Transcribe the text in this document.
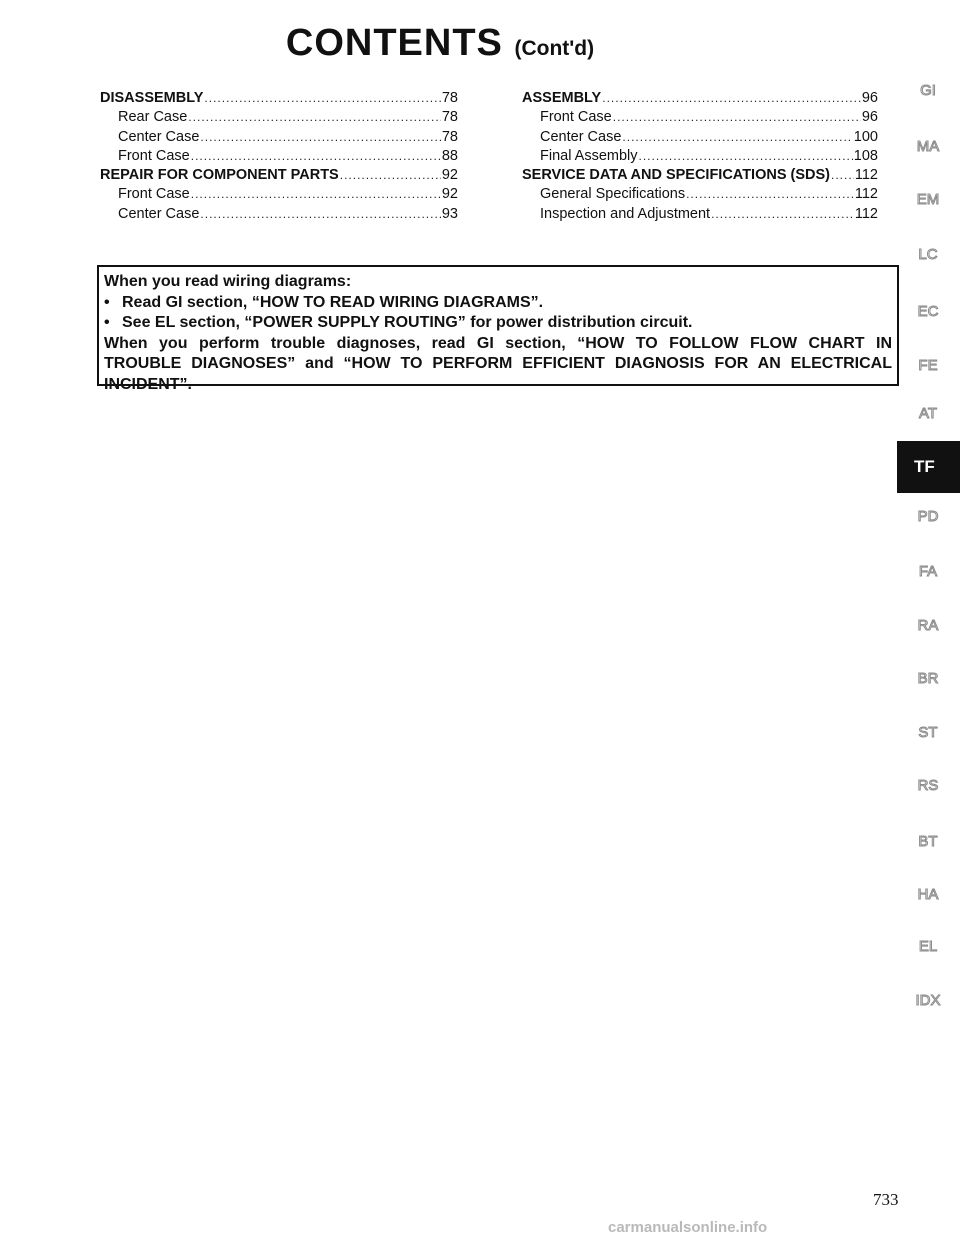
CONTENTS (Cont'd)
DISASSEMBLY .....	78
Rear Case .....	78
Center Case .....	78
Front Case .....	88
REPAIR FOR COMPONENT PARTS .....	92
Front Case .....	92
Center Case .....	93
ASSEMBLY .....	96
Front Case .....	96
Center Case .....	100
Final Assembly .....	108
SERVICE DATA AND SPECIFICATIONS (SDS) ..... 112
General Specifications .....	112
Inspection and Adjustment .....	112
When you read wiring diagrams:
• Read GI section, “HOW TO READ WIRING DIAGRAMS”.
• See EL section, “POWER SUPPLY ROUTING” for power distribution circuit.
When you perform trouble diagnoses, read GI section, “HOW TO FOLLOW FLOW CHART IN
TROUBLE DIAGNOSES” and “HOW TO PERFORM EFFICIENT DIAGNOSIS FOR AN ELECTRICAL
INCIDENT”.
GI
MA
EM
LC
EC
FE
AT
TF
PD
FA
RA
BR
ST
RS
BT
HA
EL
IDX
733
carmanualsonline.info
